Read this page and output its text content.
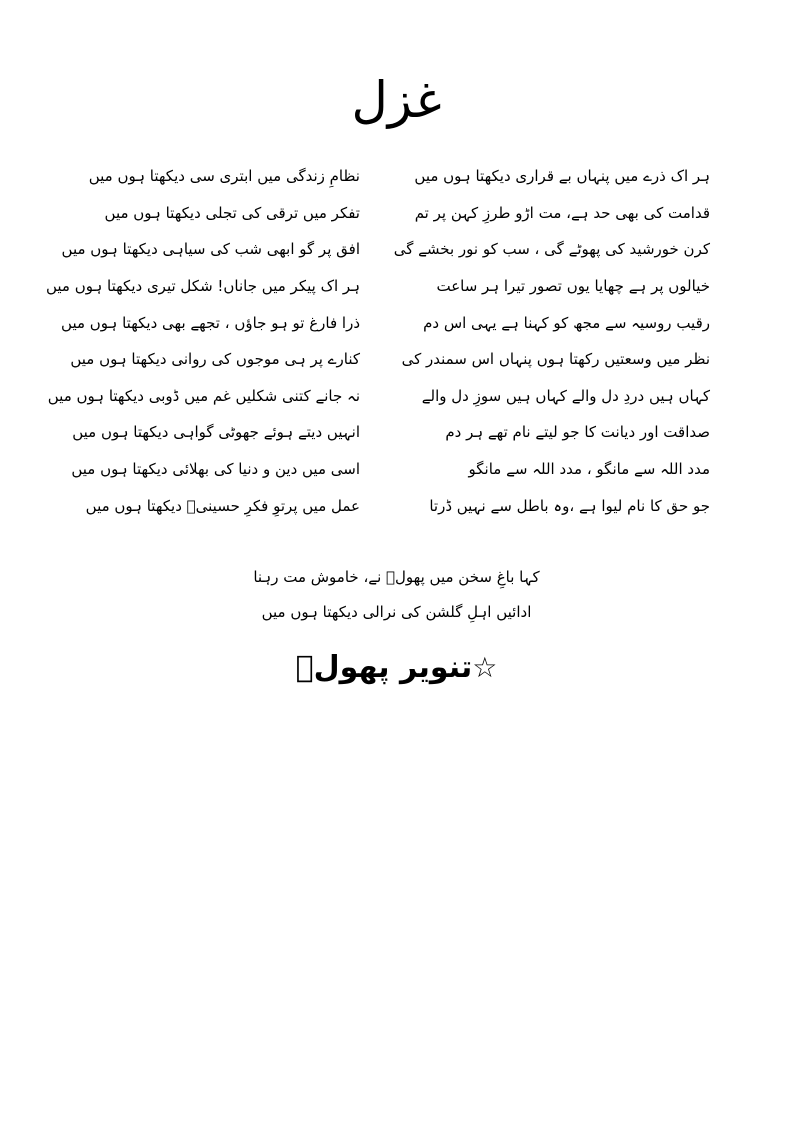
غزل
ہر اک ذرے میں پنہاں بے قراری دیکھتا ہوں میں
نظامِ زندگی میں ابتری سی دیکھتا ہوں میں
قدامت کی بھی حد ہے، مت اڑو طرزِ کہن پر تم
تفکر میں ترقی کی تجلی دیکھتا ہوں میں
کرن خورشید کی پھوٹے گی ، سب کو نور بخشے گی
افق پر گو ابھی شب کی سیاہی دیکھتا ہوں میں
خیالوں پر ہے چھایا یوں تصور تیرا ہر ساعت
ہر اک پیکر میں جاناں! شکل تیری دیکھتا ہوں میں
رقیب روسیہ سے مجھ کو کہنا ہے یہی اس دم
ذرا فارغ تو ہو جاؤں ، تجھے بھی دیکھتا ہوں میں
نظر میں وسعتیں رکھتا ہوں پنہاں اس سمندر کی
کنارے پر ہی موجوں کی روانی دیکھتا ہوں میں
کہاں ہیں دردِ دل والے کہاں ہیں سوزِ دل والے
نہ جانے کتنی شکلیں غم میں ڈوبی دیکھتا ہوں میں
صداقت اور دیانت کا جو لیتے نام تھے ہر دم
انہیں دیتے ہوئے جھوٹی گواہی دیکھتا ہوں میں
مدد اللہ سے مانگو ، مدد اللہ سے مانگو
اسی میں دین و دنیا کی بھلائی دیکھتا ہوں میں
جو حق کا نام لیوا ہے ،وہ باطل سے نہیں ڈرتا
عمل میں پرتوِ فکرِ حسینیؑ دیکھتا ہوں میں
کہا باغِ سخن میں پھولؔ نے، خاموش مت رہنا
ادائیں اہلِ گلشن کی نرالی دیکھتا ہوں میں
☆تنویر پھولؔ
